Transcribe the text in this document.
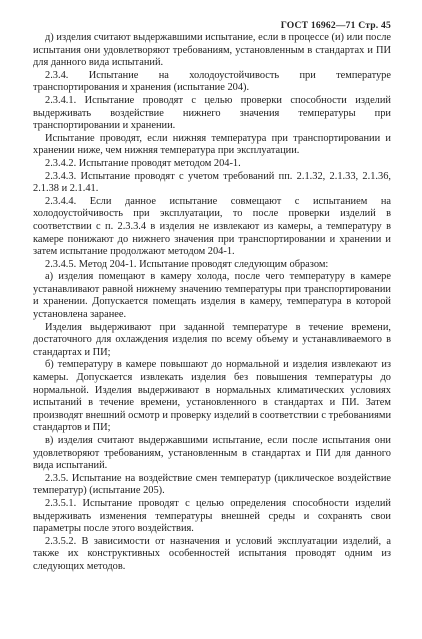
ГОСТ 16962—71 Стр. 45

д) изделия считают выдержавшими испытание, если в процессе (и) или после испытания они удовлетворяют требованиям, установленным в стандартах и ПИ для данного вида испытаний.

2.3.4. Испытание на холодоустойчивость при температуре транспортирования и хранения (испытание 204).

2.3.4.1. Испытание проводят с целью проверки способности изделий выдерживать воздействие нижнего значения температуры при транспортировании и хранении.

Испытание проводят, если нижняя температура при транспортировании и хранении ниже, чем нижняя температура при эксплуатации.

2.3.4.2. Испытание проводят методом 204-1.

2.3.4.3. Испытание проводят с учетом требований пп. 2.1.32, 2.1.33, 2.1.36, 2.1.38 и 2.1.41.

2.3.4.4. Если данное испытание совмещают с испытанием на холодоустойчивость при эксплуатации, то после проверки изделий в соответствии с п. 2.3.3.4 в изделия не извлекают из камеры, а температуру в камере понижают до нижнего значения при транспортировании и хранении и затем испытание продолжают методом 204-1.

2.3.4.5. Метод 204-1. Испытание проводят следующим образом:

а) изделия помещают в камеру холода, после чего температуру в камере устанавливают равной нижнему значению температуры при транспортировании и хранении. Допускается помещать изделия в камеру, температура в которой установлена заранее.

Изделия выдерживают при заданной температуре в течение времени, достаточного для охлаждения изделия по всему объему и устанавливаемого в стандартах и ПИ;

б) температуру в камере повышают до нормальной и изделия извлекают из камеры. Допускается извлекать изделия без повышения температуры до нормальной. Изделия выдерживают в нормальных климатических условиях испытаний в течение времени, установленного в стандартах и ПИ. Затем производят внешний осмотр и проверку изделий в соответствии с требованиями стандартов и ПИ;

в) изделия считают выдержавшими испытание, если после испытания они удовлетворяют требованиям, установленным в стандартах и ПИ для данного вида испытаний.

2.3.5. Испытание на воздействие смен температур (циклическое воздействие температур) (испытание 205).

2.3.5.1. Испытание проводят с целью определения способности изделий выдерживать изменения температуры внешней среды и сохранять свои параметры после этого воздействия.

2.3.5.2. В зависимости от назначения и условий эксплуатации изделий, а также их конструктивных особенностей испытания проводят одним из следующих методов.
